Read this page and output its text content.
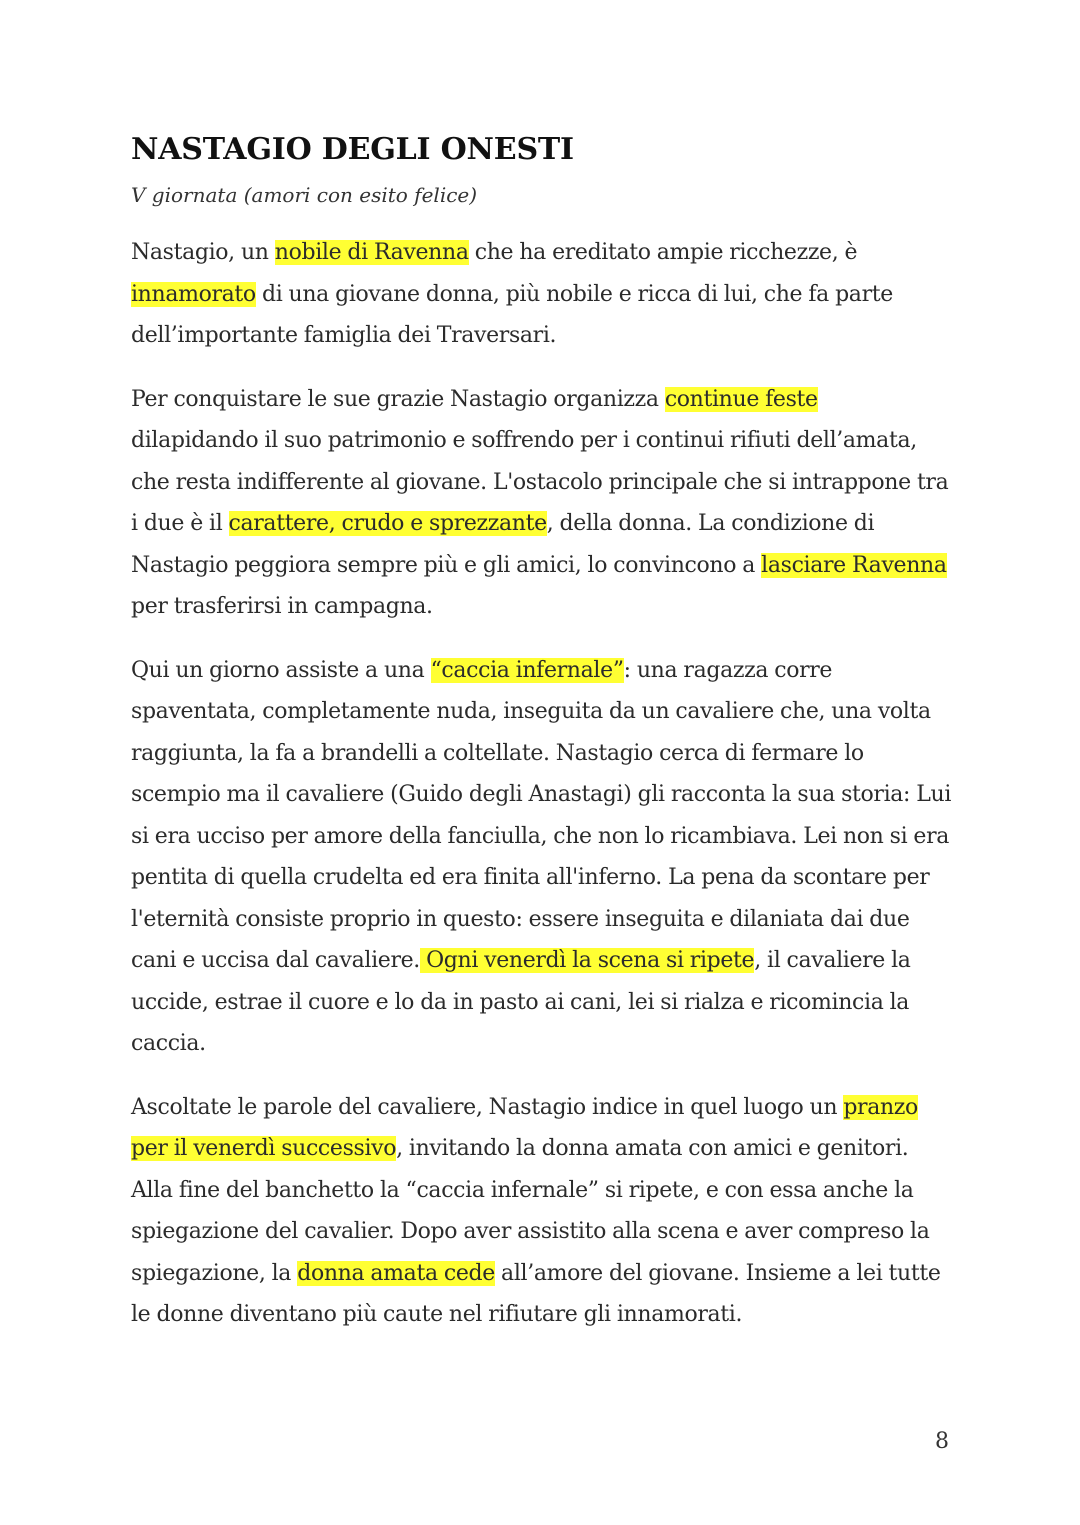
NASTAGIO DEGLI ONESTI

V giornata (amori con esito felice)

Nastagio, un nobile di Ravenna che ha ereditato ampie ricchezze, è innamorato di una giovane donna, più nobile e ricca di lui, che fa parte dell’importante famiglia dei Traversari.

Per conquistare le sue grazie Nastagio organizza continue feste dilapidando il suo patrimonio e soffrendo per i continui rifiuti dell’amata, che resta indifferente al giovane. L'ostacolo principale che si intrappone tra i due è il carattere, crudo e sprezzante, della donna. La condizione di Nastagio peggiora sempre più e gli amici, lo convincono a lasciare Ravenna per trasferirsi in campagna.

Qui un giorno assiste a una “caccia infernale”: una ragazza corre spaventata, completamente nuda, inseguita da un cavaliere che, una volta raggiunta, la fa a brandelli a coltellate. Nastagio cerca di fermare lo scempio ma il cavaliere (Guido degli Anastagi) gli racconta la sua storia: Lui si era ucciso per amore della fanciulla, che non lo ricambiava. Lei non si era pentita di quella crudelta ed era finita all'inferno. La pena da scontare per l'eternità consiste proprio in questo: essere inseguita e dilaniata dai due cani e uccisa dal cavaliere. Ogni venerdì la scena si ripete, il cavaliere la uccide, estrae il cuore e lo da in pasto ai cani, lei si rialza e ricomincia la caccia.

Ascoltate le parole del cavaliere, Nastagio indice in quel luogo un pranzo per il venerdì successivo, invitando la donna amata con amici e genitori. Alla fine del banchetto la “caccia infernale” si ripete, e con essa anche la spiegazione del cavalier. Dopo aver assistito alla scena e aver compreso la spiegazione, la donna amata cede all’amore del giovane. Insieme a lei tutte le donne diventano più caute nel rifiutare gli innamorati.

8
